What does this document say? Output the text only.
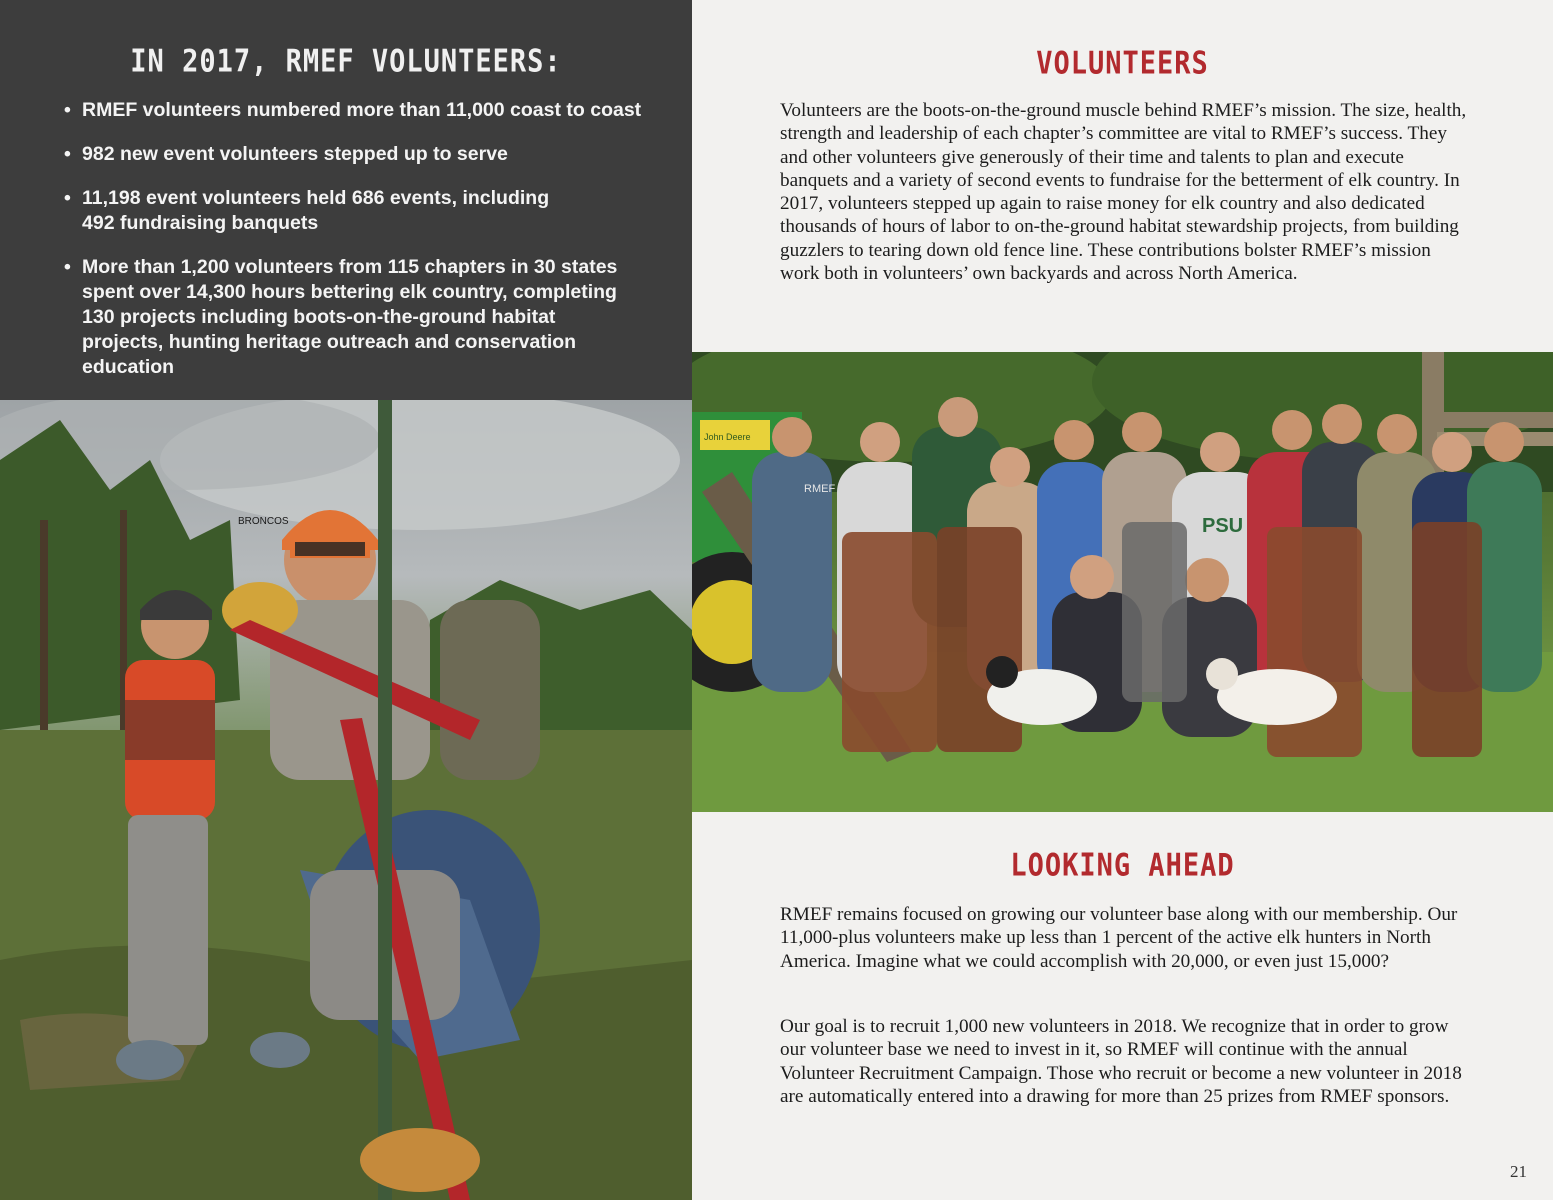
IN 2017, RMEF VOLUNTEERS:
• RMEF volunteers numbered more than 11,000 coast to coast
• 982 new event volunteers stepped up to serve
• 11,198 event volunteers held 686 events, including 492 fundraising banquets
• More than 1,200 volunteers from 115 chapters in 30 states spent over 14,300 hours bettering elk country, completing 130 projects including boots-on-the-ground habitat projects, hunting heritage outreach and conservation education
BRONCOS
VOLUNTEERS

Volunteers are the boots-on-the-ground muscle behind RMEF’s mission. The size, health, strength and leadership of each chapter’s committee are vital to RMEF’s success. They and other volunteers give generously of their time and talents to plan and execute banquets and a variety of second events to fundraise for the betterment of elk country. In 2017, volunteers stepped up again to raise money for elk country and also dedicated thousands of hours of labor to on-the-ground habitat stewardship projects, from building guzzlers to tearing down old fence line. These contributions bolster RMEF’s mission work both in volunteers’ own backyards and across North America.

RMEF
PSU
John Deere
LOOKING AHEAD

RMEF remains focused on growing our volunteer base along with our membership. Our 11,000-plus volunteers make up less than 1 percent of the active elk hunters in North America. Imagine what we could accomplish with 20,000, or even just 15,000?

Our goal is to recruit 1,000 new volunteers in 2018. We recognize that in order to grow our volunteer base we need to invest in it, so RMEF will continue with the annual Volunteer Recruitment Campaign. Those who recruit or become a new volunteer in 2018 are automatically entered into a drawing for more than 25 prizes from RMEF sponsors.

21
